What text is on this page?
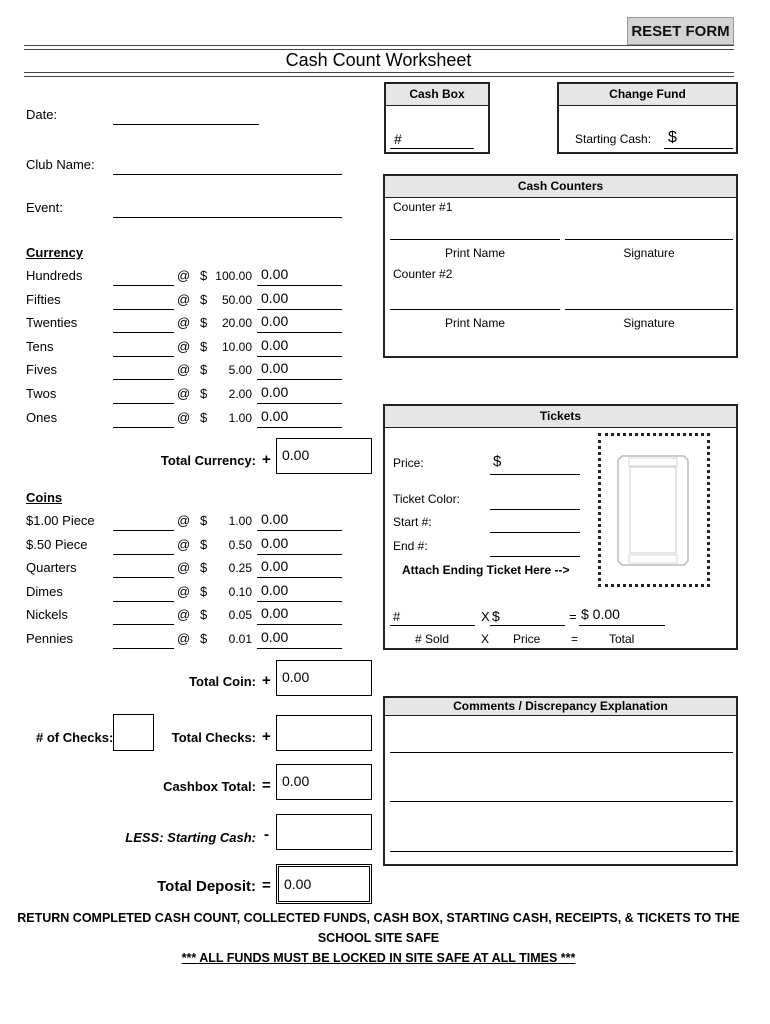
RESET FORM
Cash Count Worksheet
Date:
Club Name:
Event:
Currency
Hundreds	@ $ 100.00 0.00
Fifties	@ $	50.00 0.00
Twenties	@ $	20.00 0.00
Tens	@ $	10.00 0.00
Fives	@ $	5.00 0.00
Twos	@ $	2.00 0.00
Ones	@ $	1.00 0.00
Total Currency: + 0.00
Coins
$1.00 Piece	@ $	1.00 0.00
$.50 Piece	@ $	0.50 0.00
Quarters	@ $	0.25 0.00
Dimes	@ $	0.10 0.00
Nickels	@ $	0.05 0.00
Pennies	@ $	0.01 0.00
Total Coin: + 0.00
# of Checks:	Total Checks: +
Cashbox Total: = 0.00
LESS: Starting Cash: -
Total Deposit: = 0.00
Cash Box
#
Change Fund
Starting Cash: $
Cash Counters
Counter #1
Print Name	Signature
Counter #2
Print Name	Signature
Tickets
Price:	$
Ticket Color:
Start #:
End #:
Attach Ending Ticket Here -->
#	X $	= $ 0.00
# Sold	X Price	=	Total
Comments / Discrepancy Explanation
RETURN COMPLETED CASH COUNT, COLLECTED FUNDS, CASH BOX, STARTING CASH, RECEIPTS, & TICKETS TO THE
SCHOOL SITE SAFE
*** ALL FUNDS MUST BE LOCKED IN SITE SAFE AT ALL TIMES ***
